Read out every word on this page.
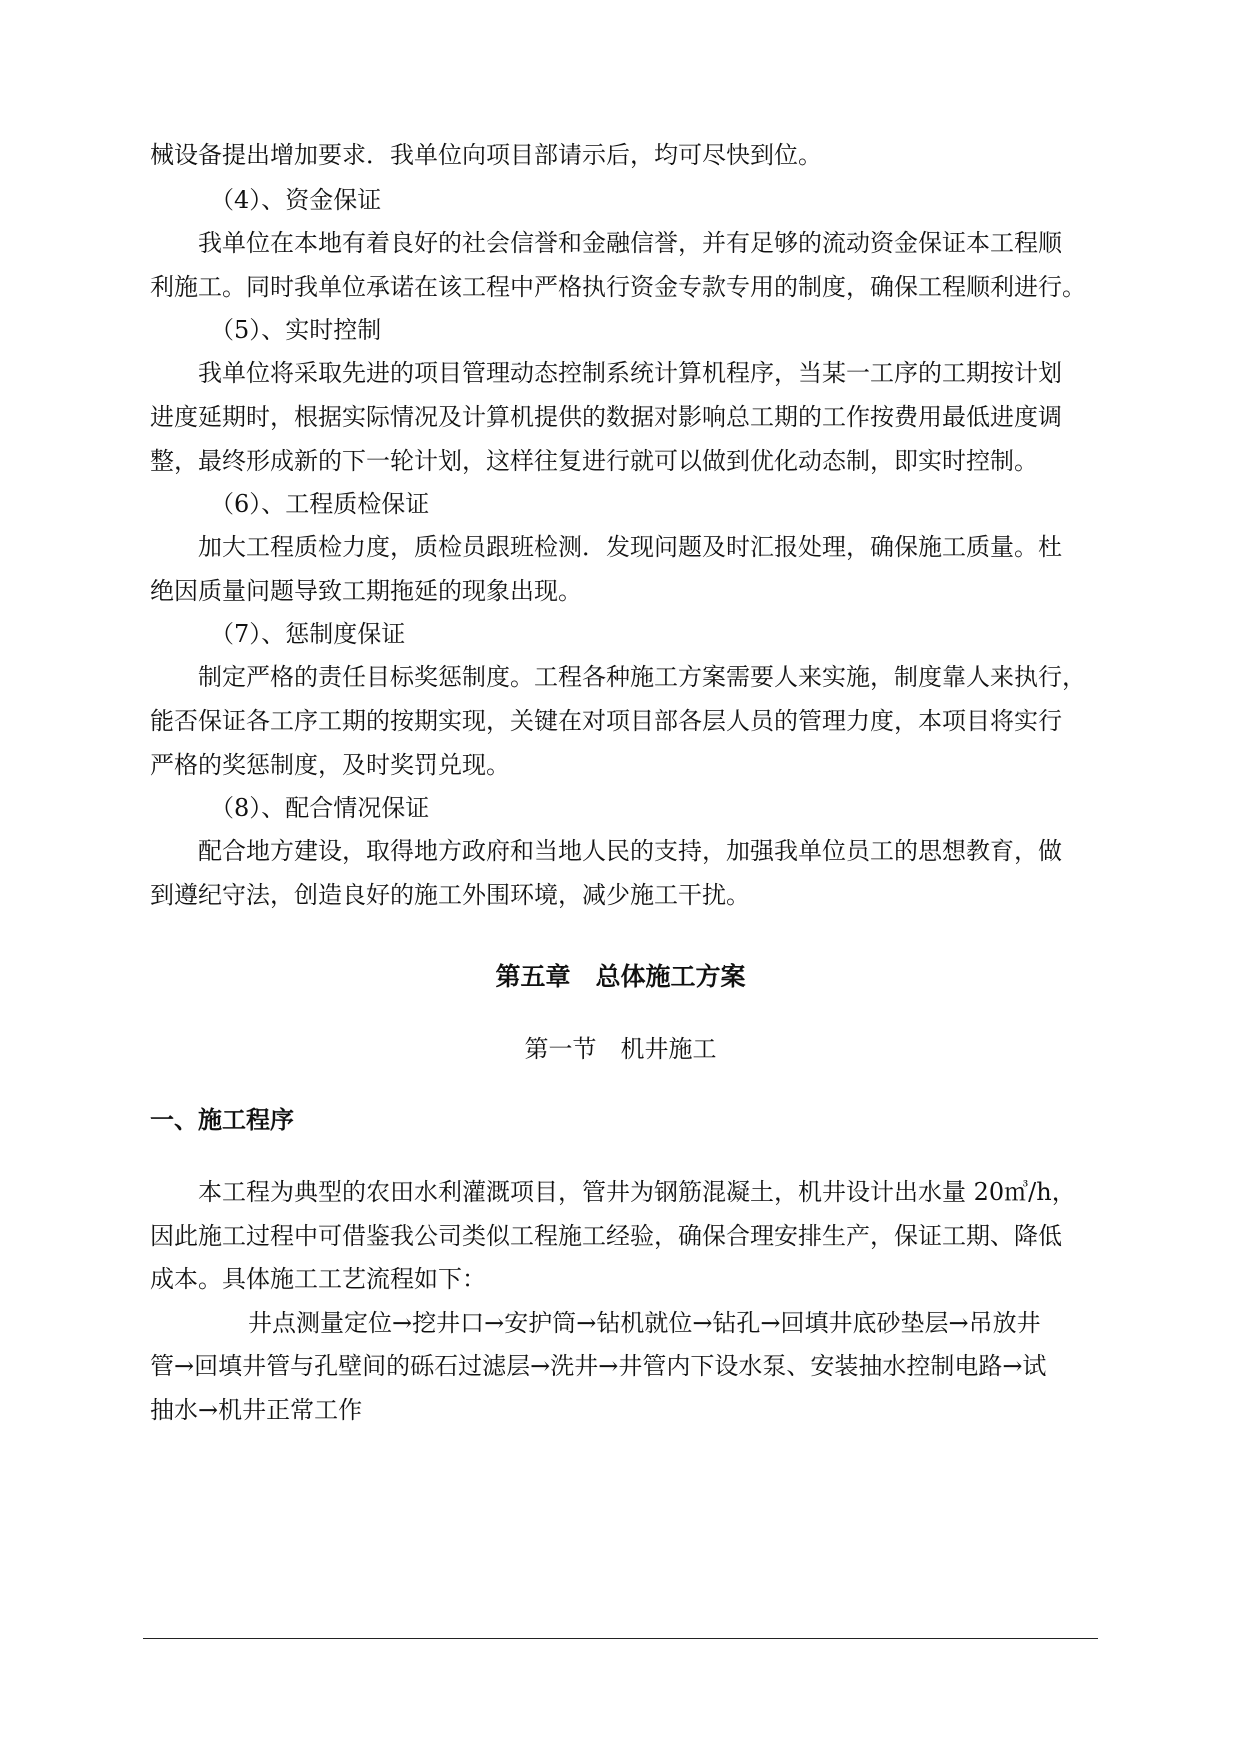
械设备提出增加要求．我单位向项目部请示后，均可尽快到位。
（4）、资金保证
我单位在本地有着良好的社会信誉和金融信誉，并有足够的流动资金保证本工程顺
利施工。同时我单位承诺在该工程中严格执行资金专款专用的制度，确保工程顺利进行。
（5）、实时控制
我单位将采取先进的项目管理动态控制系统计算机程序，当某一工序的工期按计划
进度延期时，根据实际情况及计算机提供的数据对影响总工期的工作按费用最低进度调
整，最终形成新的下一轮计划，这样往复进行就可以做到优化动态制，即实时控制。
（6）、工程质检保证
加大工程质检力度，质检员跟班检测．发现问题及时汇报处理，确保施工质量。杜
绝因质量问题导致工期拖延的现象出现。
（7）、惩制度保证
制定严格的责任目标奖惩制度。工程各种施工方案需要人来实施，制度靠人来执行，
能否保证各工序工期的按期实现，关键在对项目部各层人员的管理力度，本项目将实行
严格的奖惩制度，及时奖罚兑现。
（8）、配合情况保证
配合地方建设，取得地方政府和当地人民的支持，加强我单位员工的思想教育，做
到遵纪守法，创造良好的施工外围环境，减少施工干扰。
第五章　总体施工方案
第一节　机井施工
一、施工程序
本工程为典型的农田水利灌溉项目，管井为钢筋混凝土，机井设计出水量 20㎥/h，
因此施工过程中可借鉴我公司类似工程施工经验，确保合理安排生产，保证工期、降低
成本。具体施工工艺流程如下：
井点测量定位→挖井口→安护筒→钻机就位→钻孔→回填井底砂垫层→吊放井
管→回填井管与孔壁间的砾石过滤层→洗井→井管内下设水泵、安装抽水控制电路→试
抽水→机井正常工作
